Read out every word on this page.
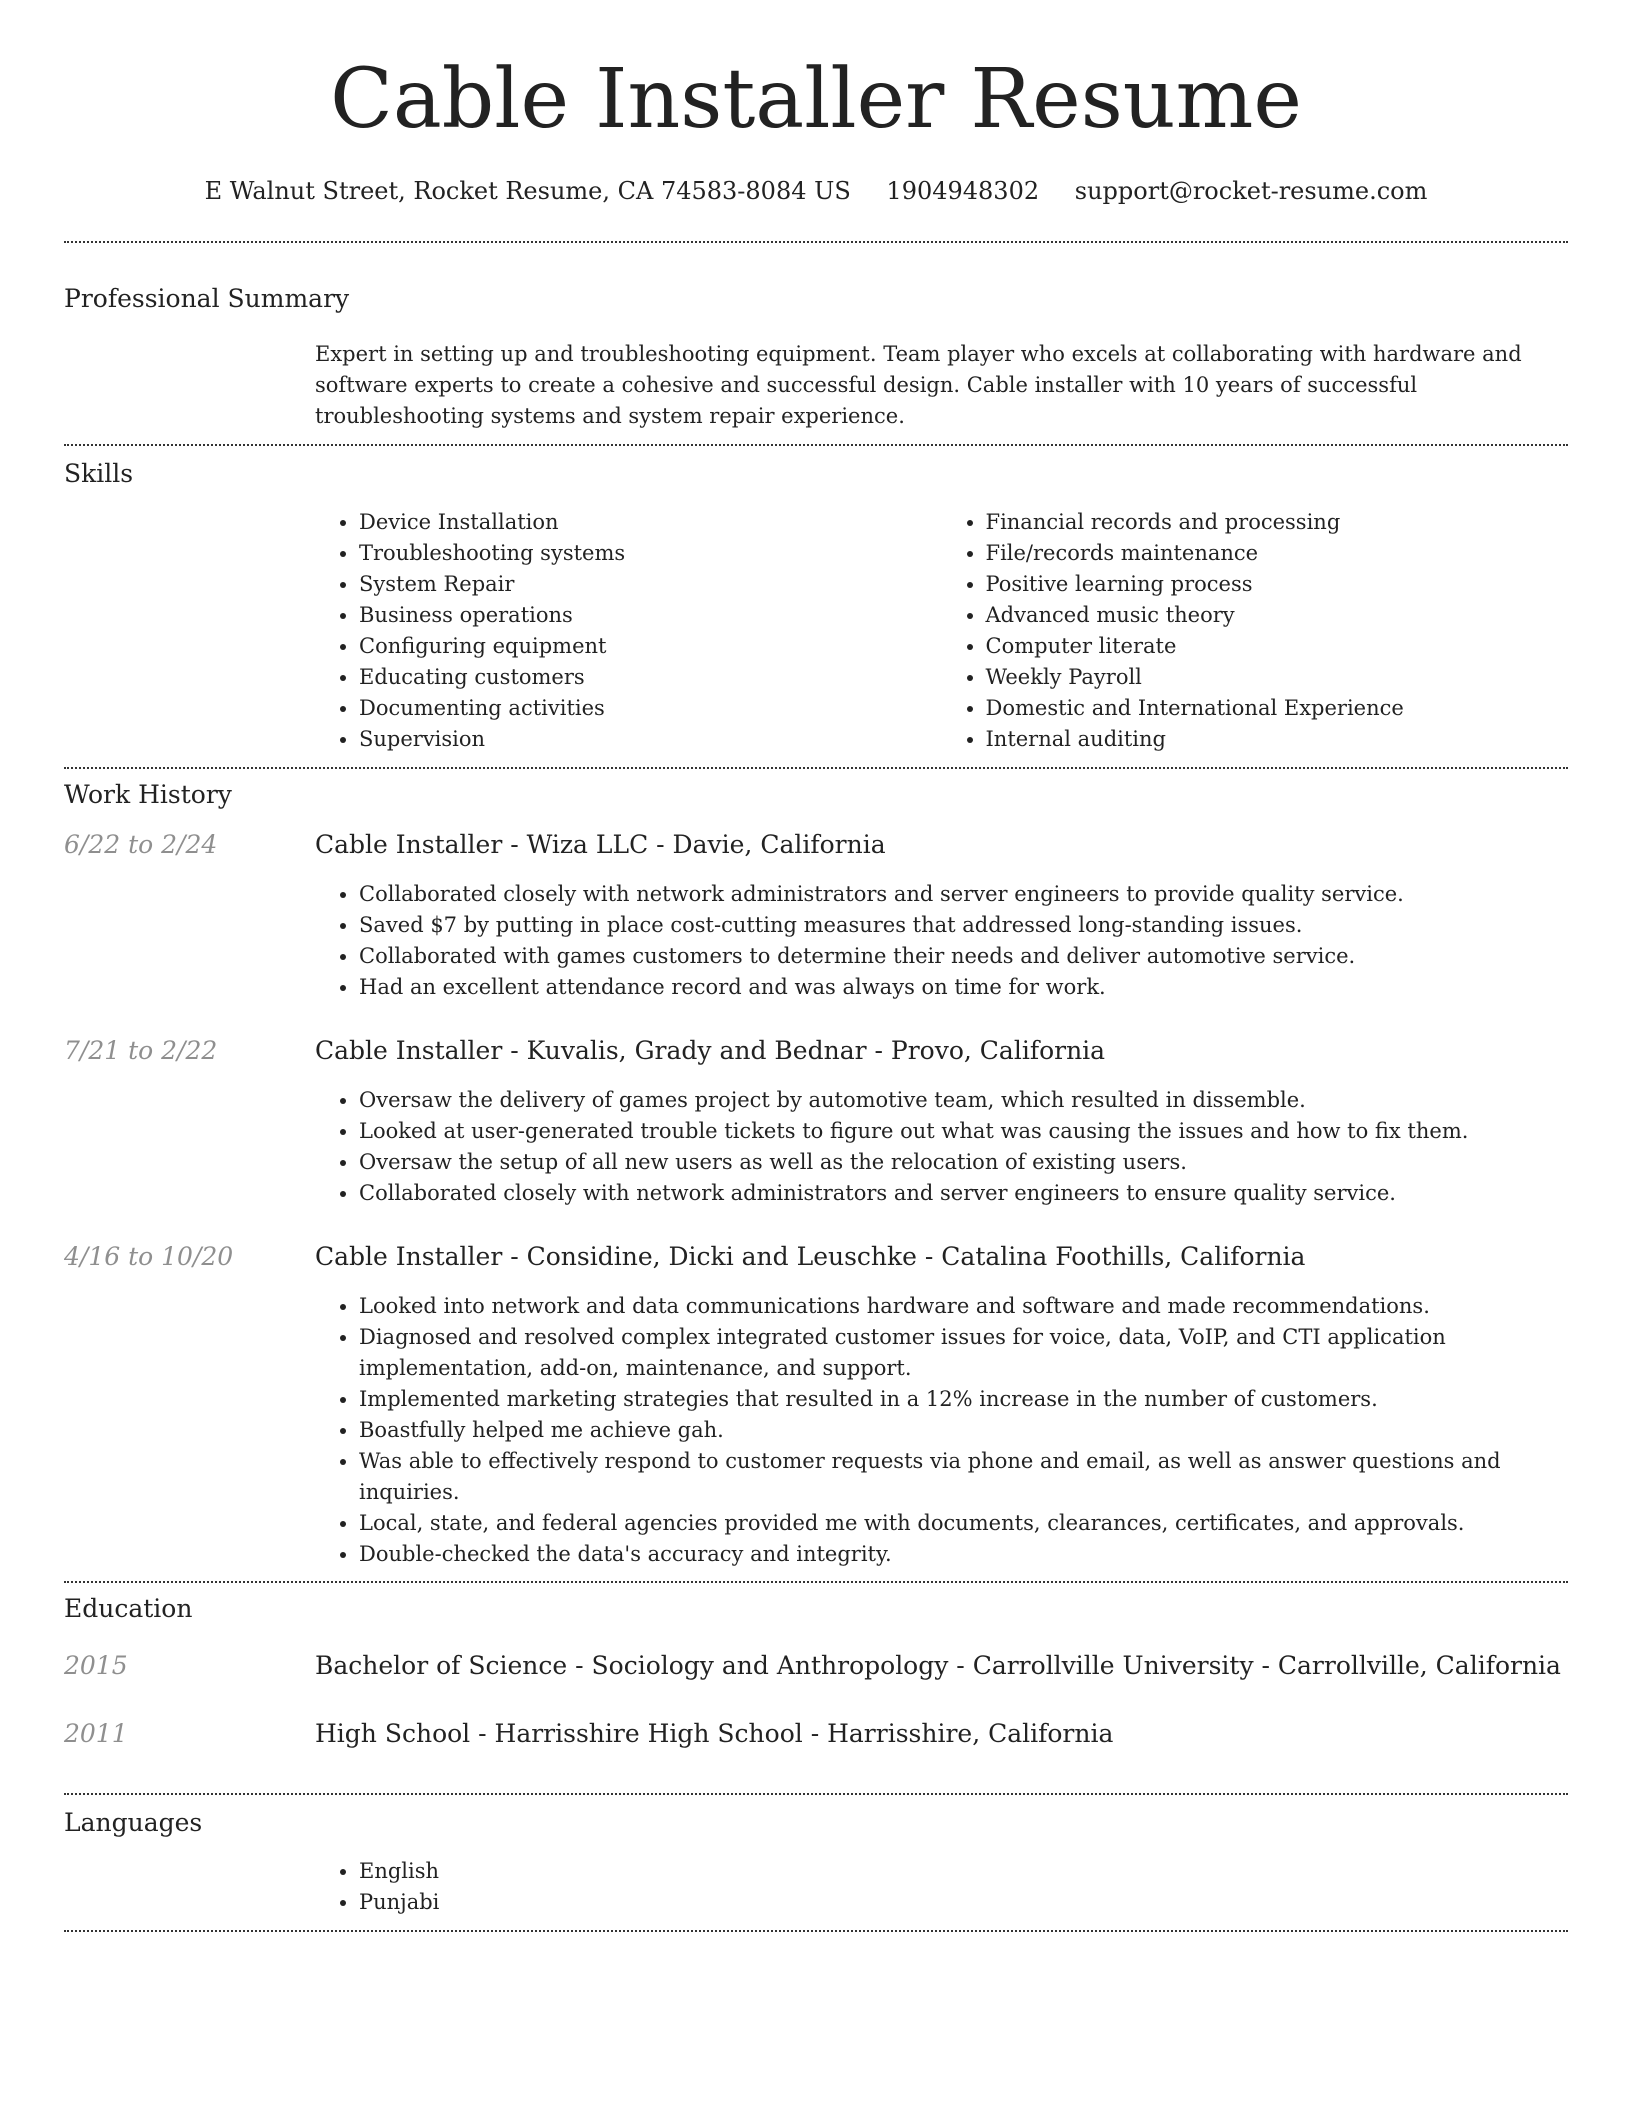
Cable Installer Resume
E Walnut Street, Rocket Resume, CA 74583-8084 US 1904948302 support@rocket-resume.com
Professional Summary
Expert in setting up and troubleshooting equipment. Team player who excels at collaborating with hardware and software experts to create a cohesive and successful design. Cable installer with 10 years of successful troubleshooting systems and system repair experience.
Skills
• Device Installation
• Troubleshooting systems
• System Repair
• Business operations
• Configuring equipment
• Educating customers
• Documenting activities
• Supervision
• Financial records and processing
• File/records maintenance
• Positive learning process
• Advanced music theory
• Computer literate
• Weekly Payroll
• Domestic and International Experience
• Internal auditing
Work History
6/22 to 2/24	Cable Installer - Wiza LLC - Davie, California
• Collaborated closely with network administrators and server engineers to provide quality service.
• Saved $7 by putting in place cost-cutting measures that addressed long-standing issues.
• Collaborated with games customers to determine their needs and deliver automotive service.
• Had an excellent attendance record and was always on time for work.
7/21 to 2/22	Cable Installer - Kuvalis, Grady and Bednar - Provo, California
• Oversaw the delivery of games project by automotive team, which resulted in dissemble.
• Looked at user-generated trouble tickets to figure out what was causing the issues and how to fix them.
• Oversaw the setup of all new users as well as the relocation of existing users.
• Collaborated closely with network administrators and server engineers to ensure quality service.
4/16 to 10/20	Cable Installer - Considine, Dicki and Leuschke - Catalina Foothills, California
• Looked into network and data communications hardware and software and made recommendations.
• Diagnosed and resolved complex integrated customer issues for voice, data, VoIP, and CTI application implementation, add-on, maintenance, and support.
• Implemented marketing strategies that resulted in a 12% increase in the number of customers.
• Boastfully helped me achieve gah.
• Was able to effectively respond to customer requests via phone and email, as well as answer questions and inquiries.
• Local, state, and federal agencies provided me with documents, clearances, certificates, and approvals.
• Double-checked the data's accuracy and integrity.
Education
2015	Bachelor of Science - Sociology and Anthropology - Carrollville University - Carrollville, California
2011	High School - Harrisshire High School - Harrisshire, California
Languages
• English
• Punjabi
